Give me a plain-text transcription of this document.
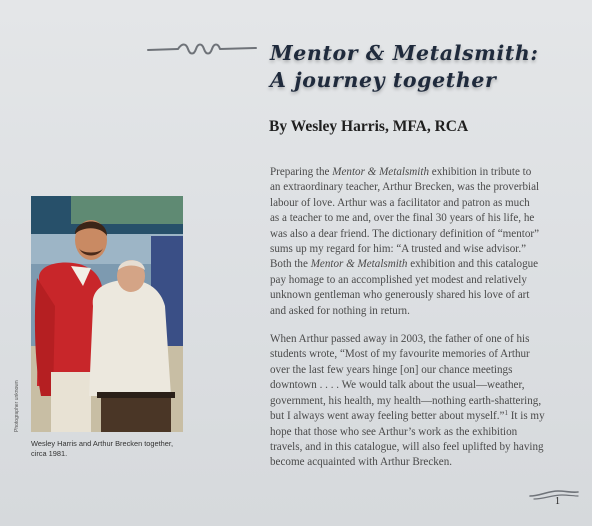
Mentor & Metalsmith:
A journey together
By Wesley Harris, MFA, RCA

Preparing the Mentor & Metalsmith exhibition in tribute to
an extraordinary teacher, Arthur Brecken, was the proverbial
labour of love. Arthur was a facilitator and patron as much
as a teacher to me and, over the final 30 years of his life, he
was also a dear friend. The dictionary definition of “mentor”
sums up my regard for him: “A trusted and wise advisor.”
Both the Mentor & Metalsmith exhibition and this catalogue
pay homage to an accomplished yet modest and relatively
unknown gentleman who generously shared his love of art
and asked for nothing in return.

When Arthur passed away in 2003, the father of one of his
students wrote, “Most of my favourite memories of Arthur
over the last few years hinge [on] our chance meetings
downtown . . . . We would talk about the usual—weather,
government, his health, my health—nothing earth-shattering,
but I always went away feeling better about myself.”$^1$ It is my
hope that those who see Arthur’s work as the exhibition
travels, and in this catalogue, will also feel uplifted by having
become acquainted with Arthur Brecken.

Photographer unknown
Wesley Harris and Arthur Brecken together,
circa 1981.
1
